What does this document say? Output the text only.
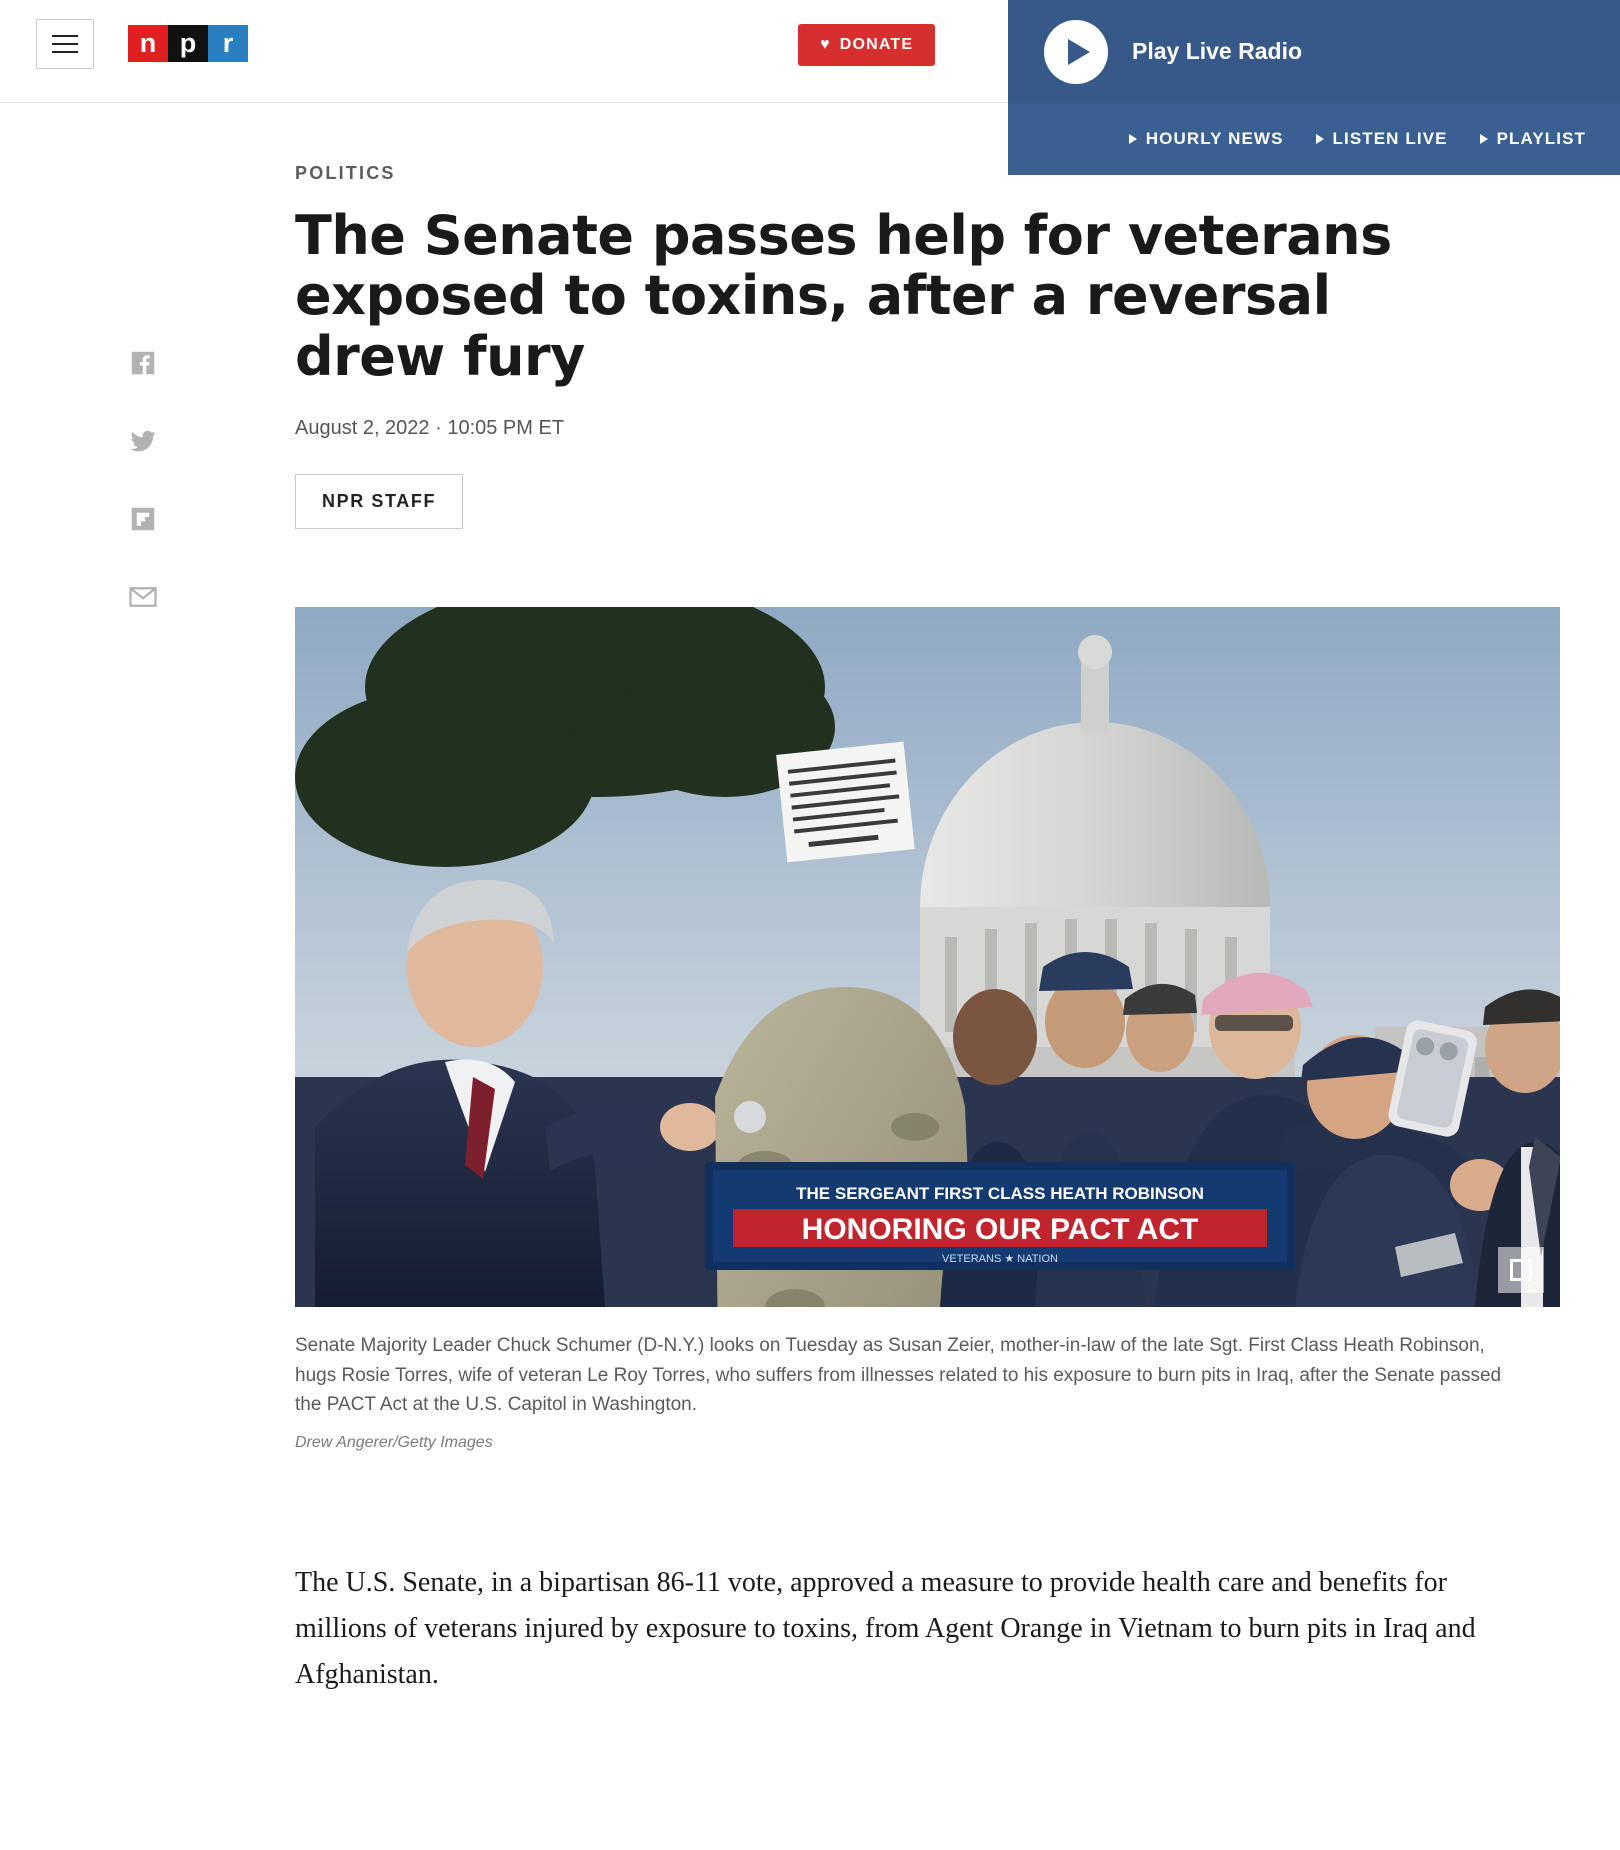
n p r	♥ DONATE	Play Live Radio
HOURLY NEWS	LISTEN LIVE	PLAYLIST
POLITICS
The Senate passes help for veterans exposed to toxins, after a reversal drew fury
August 2, 2022 · 10:05 PM ET
NPR STAFF
THE SERGEANT FIRST CLASS HEATH ROBINSON
HONORING OUR PACT ACT
VETERANS ★ NATION
Senate Majority Leader Chuck Schumer (D-N.Y.) looks on Tuesday as Susan Zeier, mother-in-law of the late Sgt. First Class Heath Robinson, hugs Rosie Torres, wife of veteran Le Roy Torres, who suffers from illnesses related to his exposure to burn pits in Iraq, after the Senate passed the PACT Act at the U.S. Capitol in Washington.
Drew Angerer/Getty Images

The U.S. Senate, in a bipartisan 86-11 vote, approved a measure to provide health care and benefits for millions of veterans injured by exposure to toxins, from Agent Orange in Vietnam to burn pits in Iraq and Afghanistan.
